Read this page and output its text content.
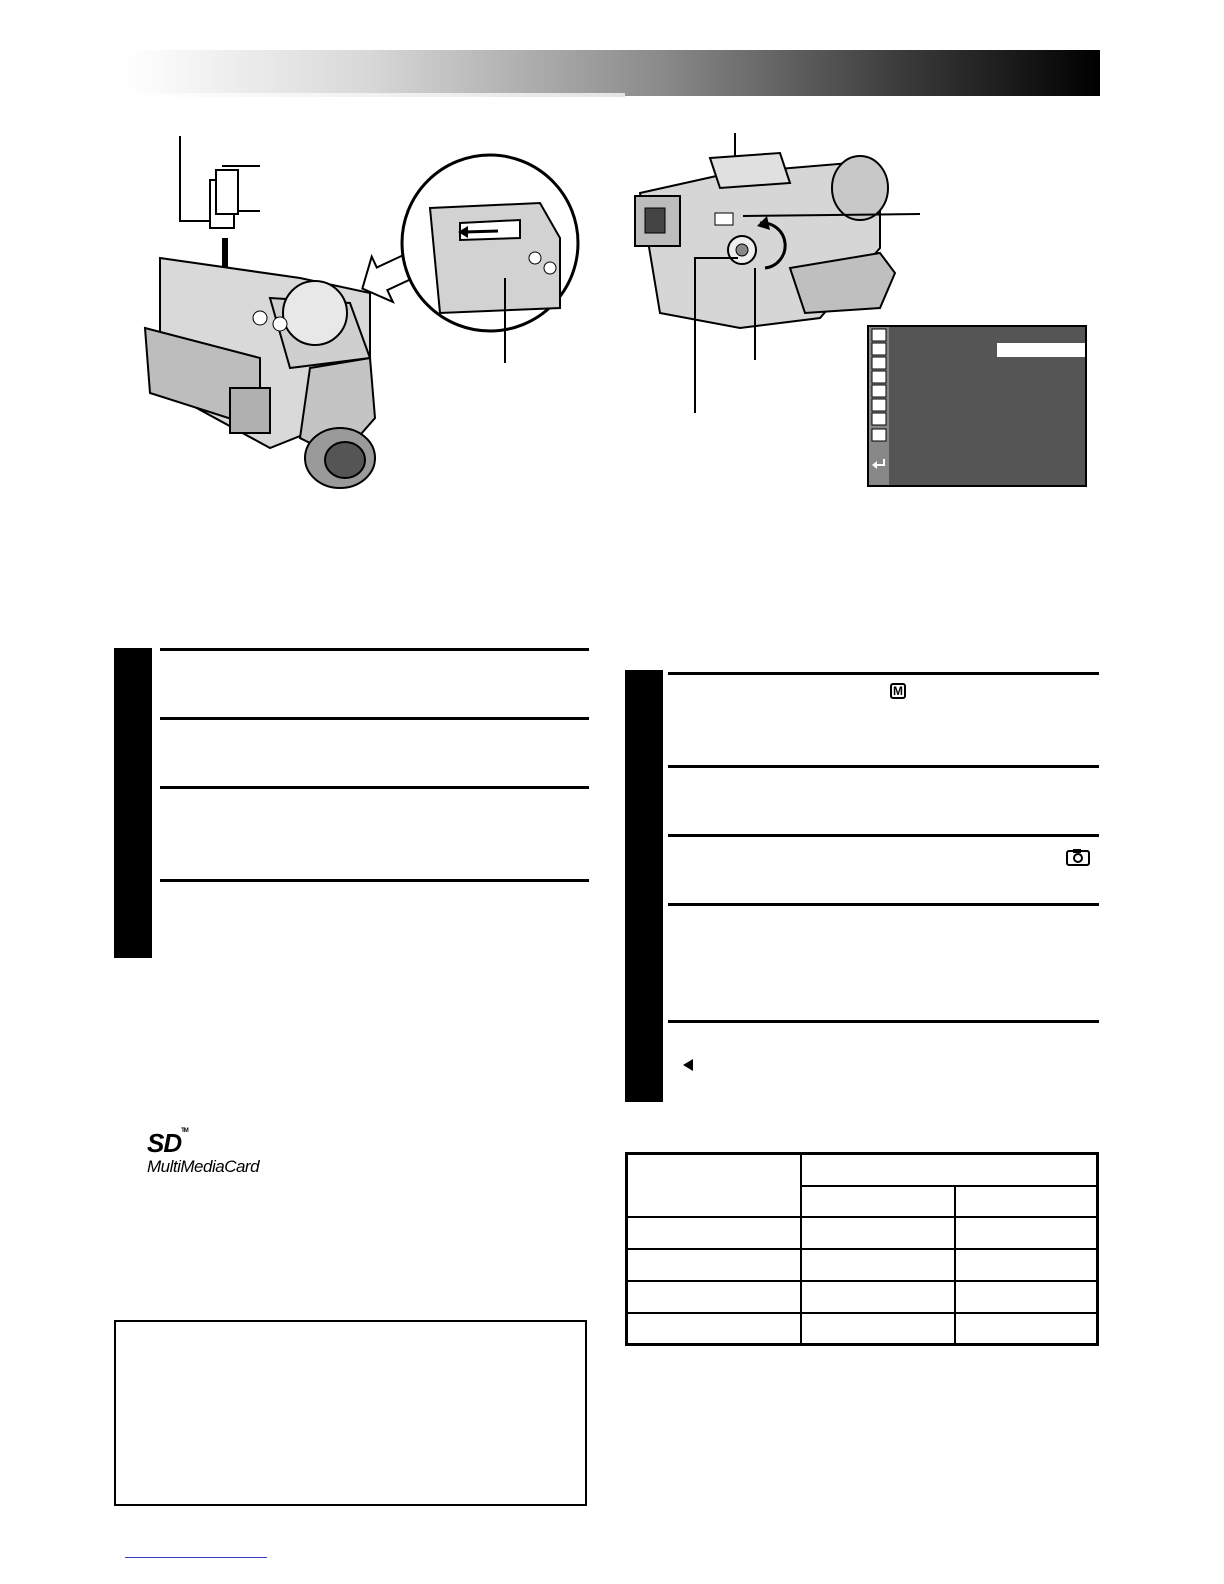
SD™
MultiMediaCard
M
